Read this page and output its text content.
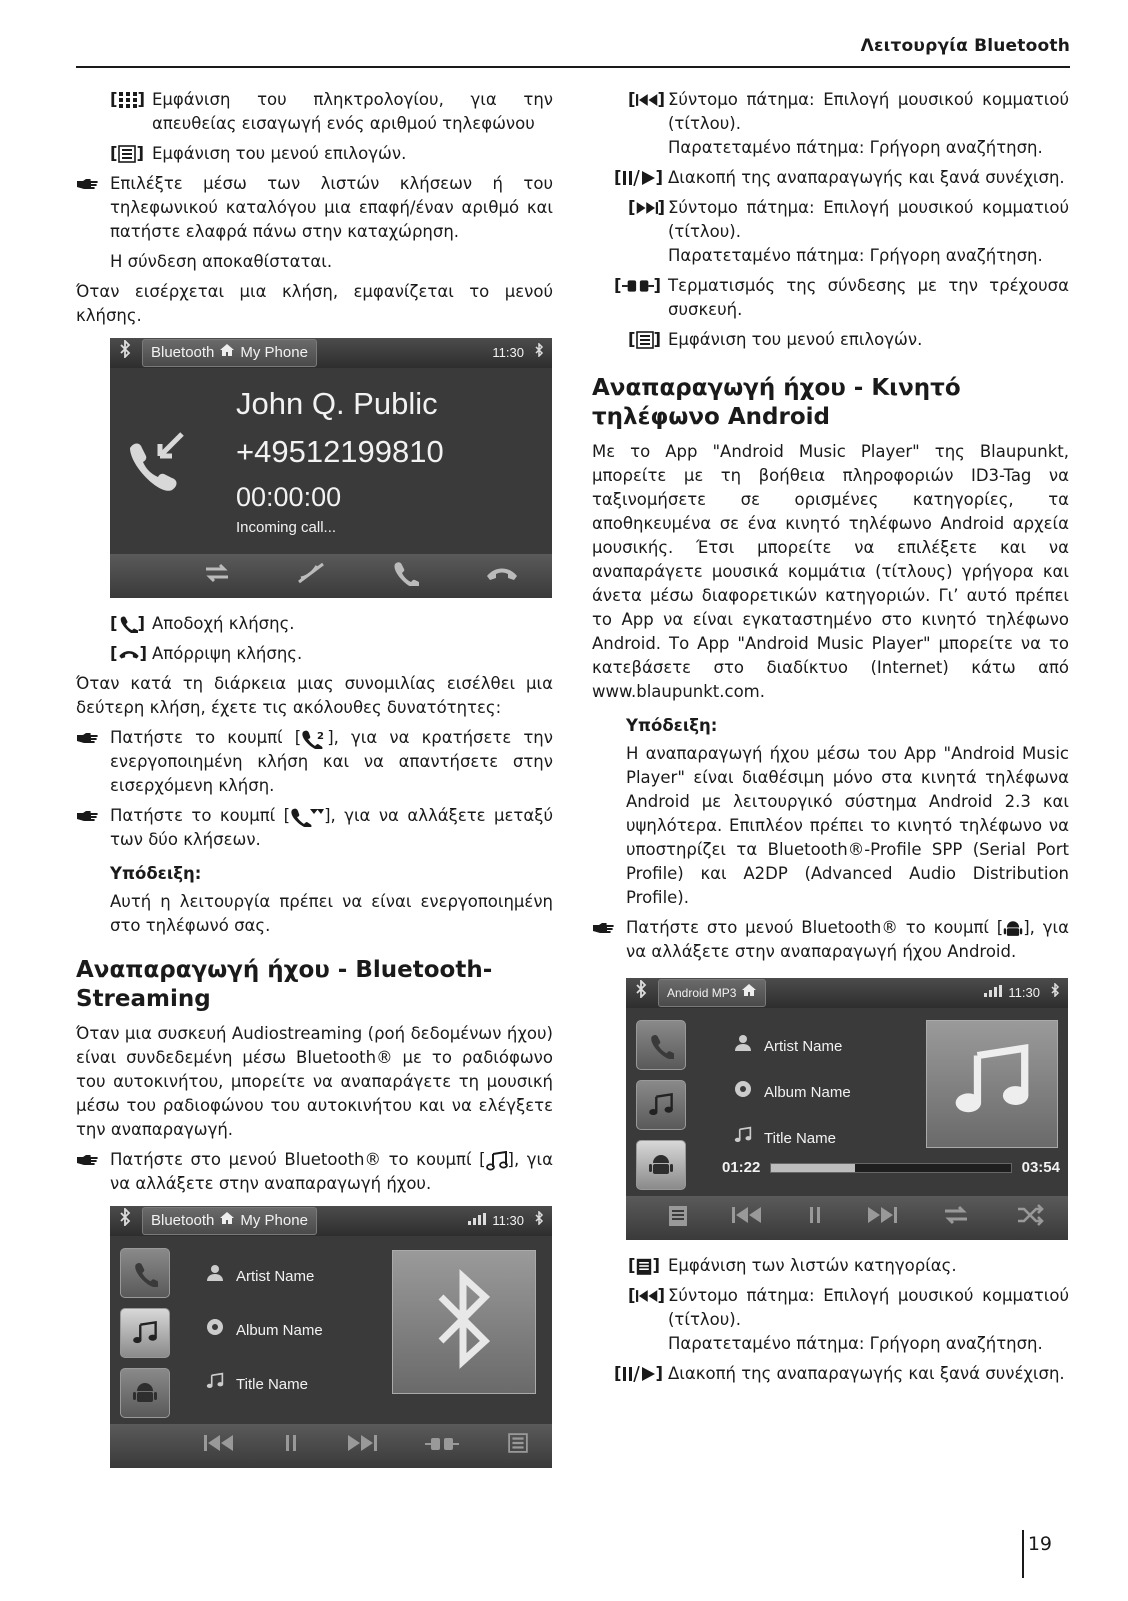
Λειτουργία Bluetooth
[ ] Εμφάνιση του πληκτρολογίου, για την απευθείας εισαγωγή ενός αριθμού τηλεφώνου
[ ] Εμφάνιση του μενού επιλογών.
Επιλέξτε μέσω των λιστών κλήσεων ή του τηλεφωνικού καταλόγου μια επαφή/έναν αριθμό και πατήστε ελαφρά πάνω στην καταχώρηση.
Η σύνδεση αποκαθίσταται.

Όταν εισέρχεται μια κλήση, εμφανίζεται το μενού κλήσης.

Bluetooth My Phone	11:30
John Q. Public
+49512199810
00:00:00
Incoming call...
[ ] Αποδοχή κλήσης.
[ ] Απόρριψη κλήσης.

Όταν κατά τη διάρκεια μιας συνομιλίας εισέλθει μια δεύτερη κλήση, έχετε τις ακόλουθες δυνατότητες:

Πατήστε το κουμπί [ 2 ], για να κρατήσετε την ενεργοποιημένη κλήση και να απαντήσετε στην εισερχόμενη κλήση.
Πατήστε το κουμπί [ ], για να αλλάξετε μεταξύ των δύο κλήσεων.
Υπόδειξη:
Αυτή η λειτουργία πρέπει να είναι ενεργοποιημένη στο τηλέφωνό σας.
Αναπαραγωγή ήχου - Bluetooth-Streaming

Όταν μια συσκευή Audiostreaming (ροή δεδομένων ήχου) είναι συνδεδεμένη μέσω Bluetooth® με το ραδιόφωνο του αυτοκινήτου, μπορείτε να αναπαράγετε τη μουσική μέσω του ραδιοφώνου του αυτοκινήτου και να ελέγξετε την αναπαραγωγή.

Πατήστε στο μενού Bluetooth® το κουμπί [ ], για να αλλάξετε στην αναπαραγωγή ήχου.
Bluetooth My Phone	11:30
Artist Name
Album Name
Title Name
[ ] Σύντομο πάτημα: Επιλογή μουσικού κομματιού (τίτλου).
Παρατεταμένο πάτημα: Γρήγορη αναζήτηση.
[ ] Διακοπή της αναπαραγωγής και ξανά συνέχιση.
[ ] Σύντομο πάτημα: Επιλογή μουσικού κομματιού (τίτλου).
Παρατεταμένο πάτημα: Γρήγορη αναζήτηση.
[ ] Τερματισμός της σύνδεσης με την τρέχουσα συσκευή.
[ ] Εμφάνιση του μενού επιλογών.
Αναπαραγωγή ήχου - Κινητό τηλέφωνο Android

Με το App "Android Music Player" της Blaupunkt, μπορείτε με τη βοήθεια πληροφοριών ID3-Tag να ταξινομήσετε σε ορισμένες κατηγορίες, τα αποθηκευμένα σε ένα κινητό τηλέφωνο Android αρχεία μουσικής. Έτσι μπορείτε να επιλέξετε και να αναπαράγετε μουσικά κομμάτια (τίτλους) γρήγορα και άνετα μέσω διαφορετικών κατηγοριών. Γι’ αυτό πρέπει το App να είναι εγκαταστημένο στο κινητό τηλέφωνο Android. Το App "Android Music Player" μπορείτε να τo κατεβάσετε στο διαδίκτυο (Internet) κάτω από www.blaupunkt.com.

Υπόδειξη:
Η αναπαραγωγή ήχου μέσω του App "Android Music Player" είναι διαθέσιμη μόνο στα κινητά τηλέφωνα Android με λειτουργικό σύστημα Android 2.3 και υψηλότερα. Επιπλέον πρέπει το κινητό τηλέφωνο να υποστηρίζει τα Bluetooth®-Profile SPP (Serial Port Profile) και A2DP (Advanced Audio Distribution Profile).
Πατήστε στο μενού Bluetooth® το κουμπί [ ], για να αλλάξετε στην αναπαραγωγή ήχου Android.
Android MP3	11:30
Artist Name
Album Name
Title Name
01:22	03:54
[ ] Εμφάνιση των λιστών κατηγορίας.
[ ] Σύντομο πάτημα: Επιλογή μουσικού κομματιού (τίτλου).
Παρατεταμένο πάτημα: Γρήγορη αναζήτηση.
[ ] Διακοπή της αναπαραγωγής και ξανά συνέχιση.
19
